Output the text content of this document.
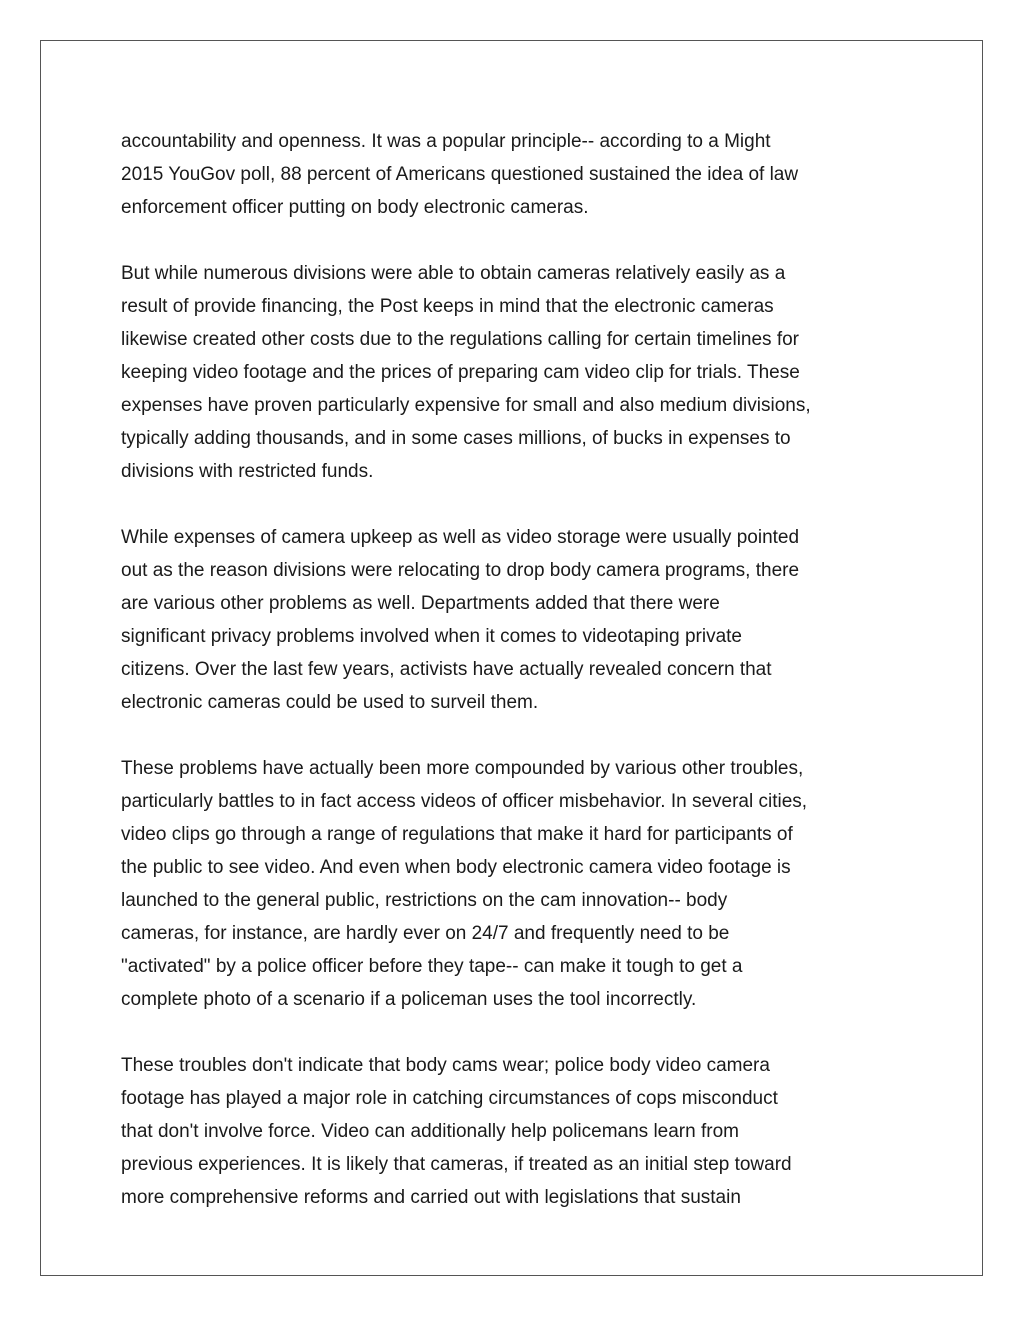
accountability and openness. It was a popular principle-- according to a Might
2015 YouGov poll, 88 percent of Americans questioned sustained the idea of law
enforcement officer putting on body electronic cameras.

But while numerous divisions were able to obtain cameras relatively easily as a
result of provide financing, the Post keeps in mind that the electronic cameras
likewise created other costs due to the regulations calling for certain timelines for
keeping video footage and the prices of preparing cam video clip for trials. These
expenses have proven particularly expensive for small and also medium divisions,
typically adding thousands, and in some cases millions, of bucks in expenses to
divisions with restricted funds.

While expenses of camera upkeep as well as video storage were usually pointed
out as the reason divisions were relocating to drop body camera programs, there
are various other problems as well. Departments added that there were
significant privacy problems involved when it comes to videotaping private
citizens. Over the last few years, activists have actually revealed concern that
electronic cameras could be used to surveil them.

These problems have actually been more compounded by various other troubles,
particularly battles to in fact access videos of officer misbehavior. In several cities,
video clips go through a range of regulations that make it hard for participants of
the public to see video. And even when body electronic camera video footage is
launched to the general public, restrictions on the cam innovation-- body
cameras, for instance, are hardly ever on 24/7 and frequently need to be
"activated" by a police officer before they tape-- can make it tough to get a
complete photo of a scenario if a policeman uses the tool incorrectly.

These troubles don't indicate that body cams wear; police body video camera
footage has played a major role in catching circumstances of cops misconduct
that don't involve force. Video can additionally help policemans learn from
previous experiences. It is likely that cameras, if treated as an initial step toward
more comprehensive reforms and carried out with legislations that sustain
